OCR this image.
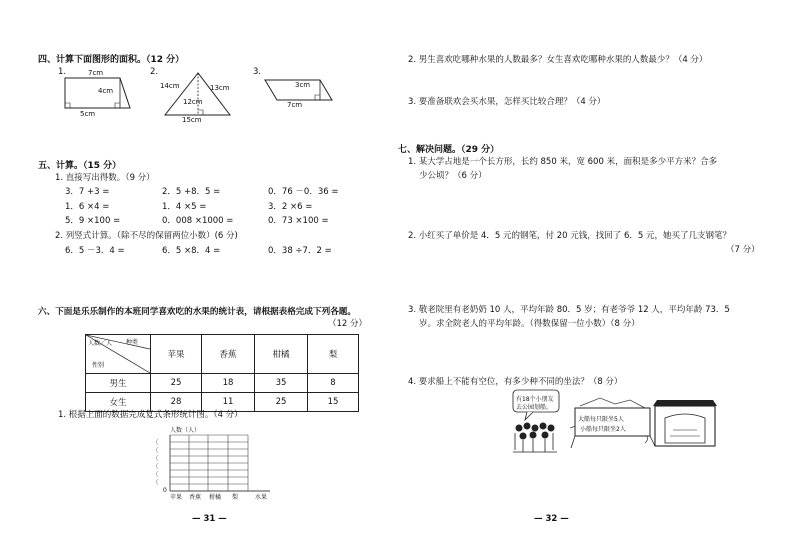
四、计算下面图形的面积。（12 分）
1.	7cm
4cm
5cm
2.
14cm	13cm
12cm
15cm
3.
3cm
7cm
五、计算。（15 分）
1. 直接写出得数。（9 分）
3．7 +3 =	2．5 +8．5 =	0．76 －0．36 =
1．6 ×4 =	1．4 ×5 =	3．2 ×6 =
5．9 ×100 =	0．008 ×1000 =	0．73 ×100 =
2. 列竖式计算。（除不尽的保留两位小数）(6 分)
6．5 －3．4 =	6．5 ×8．4 =	0．38 ÷7．2 =
六、下面是乐乐制作的本班同学喜欢吃的水果的统计表，请根据表格完成下列各题。
（12 分）
人数／人 种类
性别	苹果	香蕉	柑橘	梨
男生	25	18	35	8
女生	28	11	25	15
1. 根据上面的数据完成复式条形统计图。（4 分）
人数（人）
0
苹果 香蕉 柑橘 梨	水果
— 31 —
2. 男生喜欢吃哪种水果的人数最多？女生喜欢吃哪种水果的人数最少？（4 分）
3. 要准备联欢会买水果，怎样买比较合理？（4 分）
七、解决问题。（29 分）
1. 某大学占地是一个长方形，长约 850 米，宽 600 米，面积是多少平方米？合多
少公顷？（6 分）
2. 小红买了单价是 4．5 元的钢笔，付 20 元钱，找回了 6．5 元，她买了几支钢笔？
（7 分）
3. 敬老院里有老奶奶 10 人，平均年龄 80．5 岁；有老爷爷 12 人，平均年龄 73．5
岁。求全院老人的平均年龄。（得数保留一位小数）（8 分）
4. 要求船上不能有空位，有多少种不同的坐法？（8 分）
有18个小朋友
去公园划船。
大船每只限坐5人
小船每只限坐2人
— 32 —
